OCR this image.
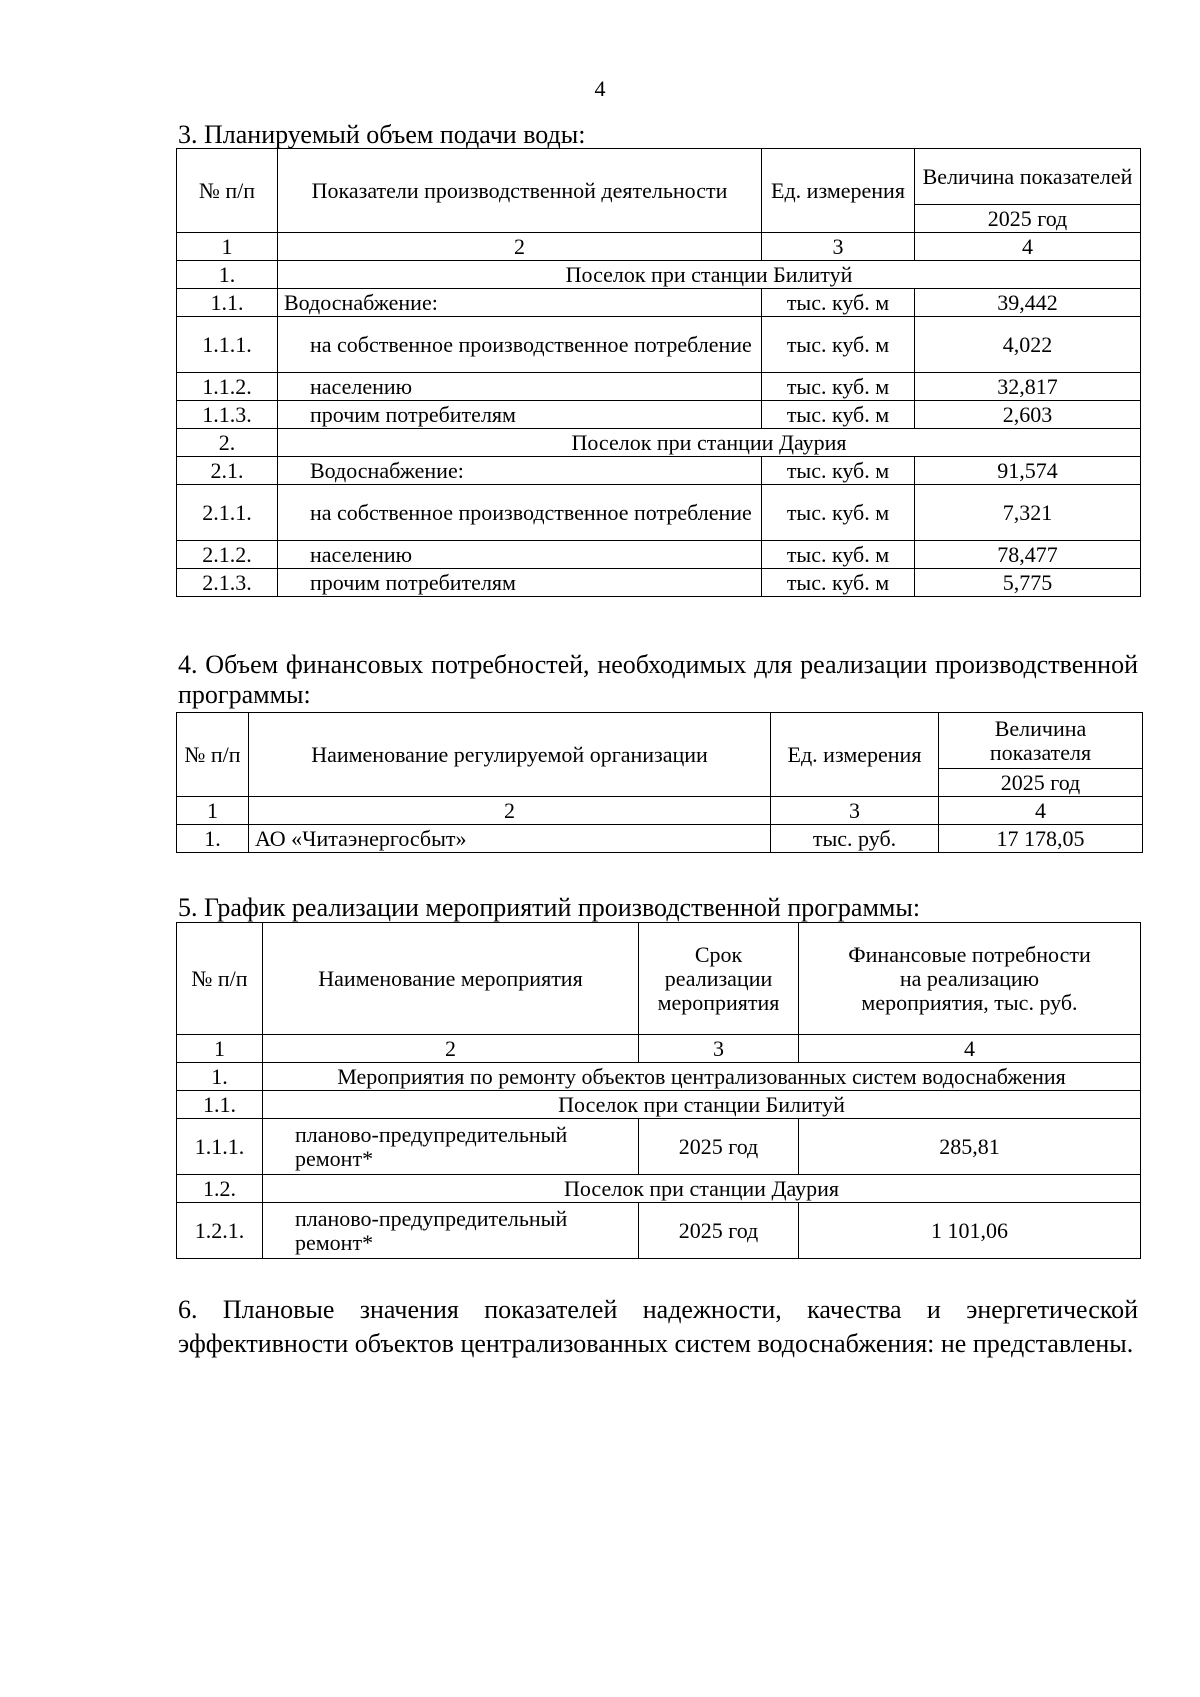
4
3. Планируемый объем подачи воды:
№ п/п	Показатели производственной деятельности	Ед. измерения	Величина показателей
			2025 год
1	2	3	4
1.	Поселок при станции Билитуй		
1.1.	Водоснабжение:	тыс. куб. м	39,442
1.1.1.	на собственное производственное потребление	тыс. куб. м	4,022
1.1.2.	населению	тыс. куб. м	32,817
1.1.3.	прочим потребителям	тыс. куб. м	2,603
2.	Поселок при станции Даурия		
2.1.	Водоснабжение:	тыс. куб. м	91,574
2.1.1.	на собственное производственное потребление	тыс. куб. м	7,321
2.1.2.	населению	тыс. куб. м	78,477
2.1.3.	прочим потребителям	тыс. куб. м	5,775
4. Объем финансовых потребностей, необходимых для реализации производственной программы:
№ п/п	Наименование регулируемой организации	Ед. измерения	Величина показателя
			2025 год
1	2	3	4
1.	АО «Читаэнергосбыт»	тыс. руб.	17 178,05
5. График реализации мероприятий производственной программы:
№ п/п	Наименование мероприятия	Срок реализации мероприятия	Финансовые потребности на реализацию мероприятия, тыс. руб.
1	2	3	4
1.	Мероприятия по ремонту объектов централизованных систем водоснабжения		
1.1.	Поселок при станции Билитуй		
1.1.1.	планово-предупредительный ремонт*	2025 год	285,81
1.2.	Поселок при станции Даурия		
1.2.1.	планово-предупредительный ремонт*	2025 год	1 101,06
6. Плановые значения показателей надежности, качества и энергетической эффективности объектов централизованных систем водоснабжения: не представлены.
